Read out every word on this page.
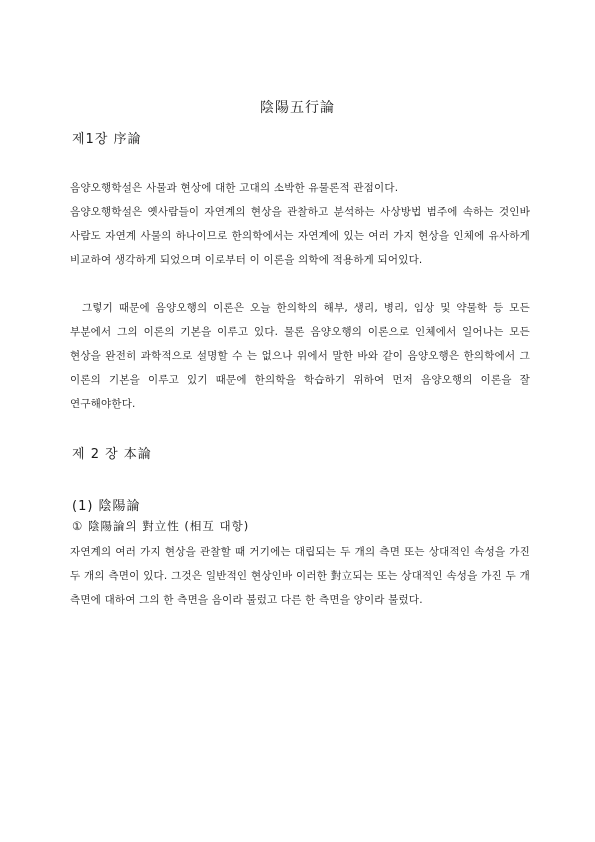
陰陽五行論
제1장 序論
음양오행학설은 사물과 현상에 대한 고대의 소박한 유물론적 관점이다.
음양오행학설은 옛사람들이 자연계의 현상을 관찰하고 분석하는 사상방법 범주에 속하는 것인바 사람도 자연계 사물의 하나이므로 한의학에서는 자연계에 있는 여러 가지 현상을 인체에 유사하게 비교하여 생각하게 되었으며 이로부터 이 이론을 의학에 적용하게 되어있다.
그렇기 때문에 음양오행의 이론은 오늘 한의학의 해부, 생리, 병리, 임상 및 약물학 등 모든 부분에서 그의 이론의 기본을 이루고 있다. 물론 음양오행의 이론으로 인체에서 일어나는 모든 현상을 완전히 과학적으로 설명할 수 는 없으나 위에서 말한 바와 같이 음양오행은 한의학에서 그 이론의 기본을 이루고 있기 때문에 한의학을 학습하기 위하여 먼저 음양오행의 이론을 잘 연구해야한다.
제 2 장 本論
(1) 陰陽論
① 陰陽論의 對立性 (相互 대항)
자연계의 여러 가지 현상을 관찰할 때 거기에는 대립되는 두 개의 측면 또는 상대적인 속성을 가진 두 개의 측면이 있다. 그것은 일반적인 현상인바 이러한 對立되는 또는 상대적인 속성을 가진 두 개 측면에 대하여 그의 한 측면을 음이라 불렀고 다른 한 측면을 양이라 불렀다.
